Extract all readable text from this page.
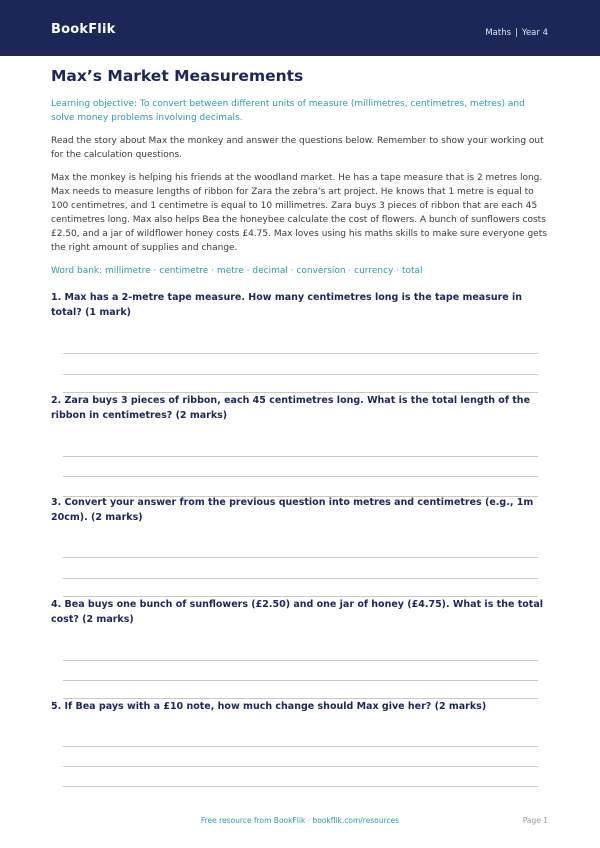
BookFlik	Maths | Year 4
Max’s Market Measurements

Learning objective: To convert between different units of measure (millimetres, centimetres, metres) and solve money problems involving decimals.

Read the story about Max the monkey and answer the questions below. Remember to show your working out for the calculation questions.

Max the monkey is helping his friends at the woodland market. He has a tape measure that is 2 metres long. Max needs to measure lengths of ribbon for Zara the zebra’s art project. He knows that 1 metre is equal to 100 centimetres, and 1 centimetre is equal to 10 millimetres. Zara buys 3 pieces of ribbon that are each 45 centimetres long. Max also helps Bea the honeybee calculate the cost of flowers. A bunch of sunflowers costs £2.50, and a jar of wildflower honey costs £4.75. Max loves using his maths skills to make sure everyone gets the right amount of supplies and change.

Word bank: millimetre · centimetre · metre · decimal · conversion · currency · total

1. Max has a 2-metre tape measure. How many centimetres long is the tape measure in total? (1 mark)

2. Zara buys 3 pieces of ribbon, each 45 centimetres long. What is the total length of the ribbon in centimetres? (2 marks)

3. Convert your answer from the previous question into metres and centimetres (e.g., 1m 20cm). (2 marks)

4. Bea buys one bunch of sunflowers (£2.50) and one jar of honey (£4.75). What is the total cost? (2 marks)

5. If Bea pays with a £10 note, how much change should Max give her? (2 marks)

Free resource from BookFlik · bookflik.com/resources	Page 1
